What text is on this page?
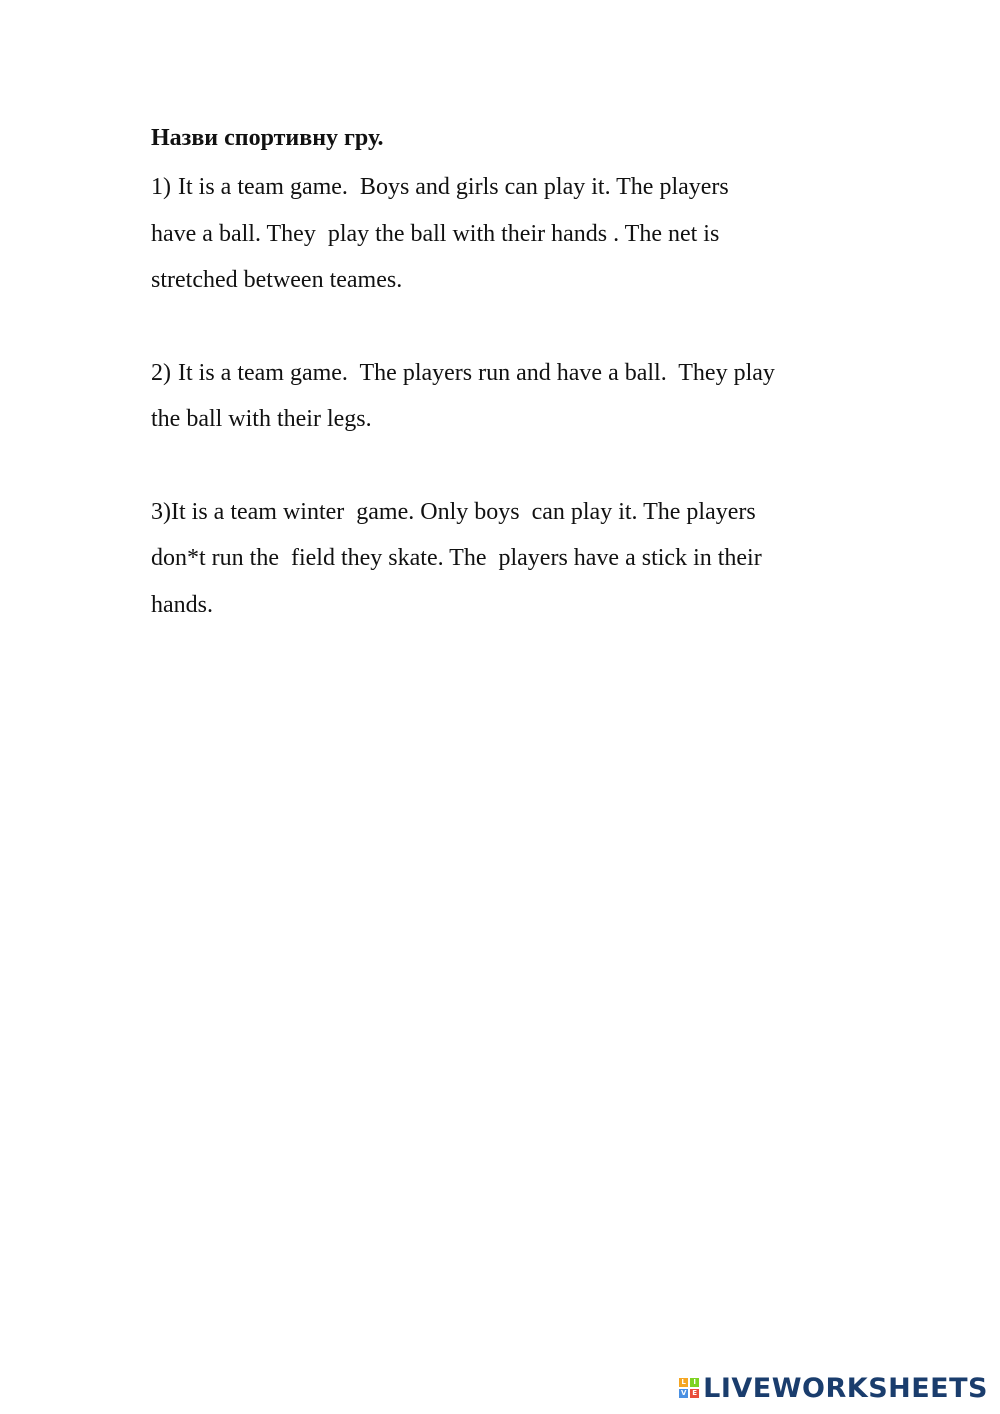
Назви спортивну гру.
1) It is a team game.  Boys and girls can play it. The players
have a ball. They  play the ball with their hands . The net is
stretched between teames.
2) It is a team game.  The players run and have a ball.  They play
the ball with their legs.
3)It is a team winter  game. Only boys  can play it. The players
don*t run the  field they skate. The  players have a stick in their
hands.
L	I
V E LIVEWORKSHEETS
